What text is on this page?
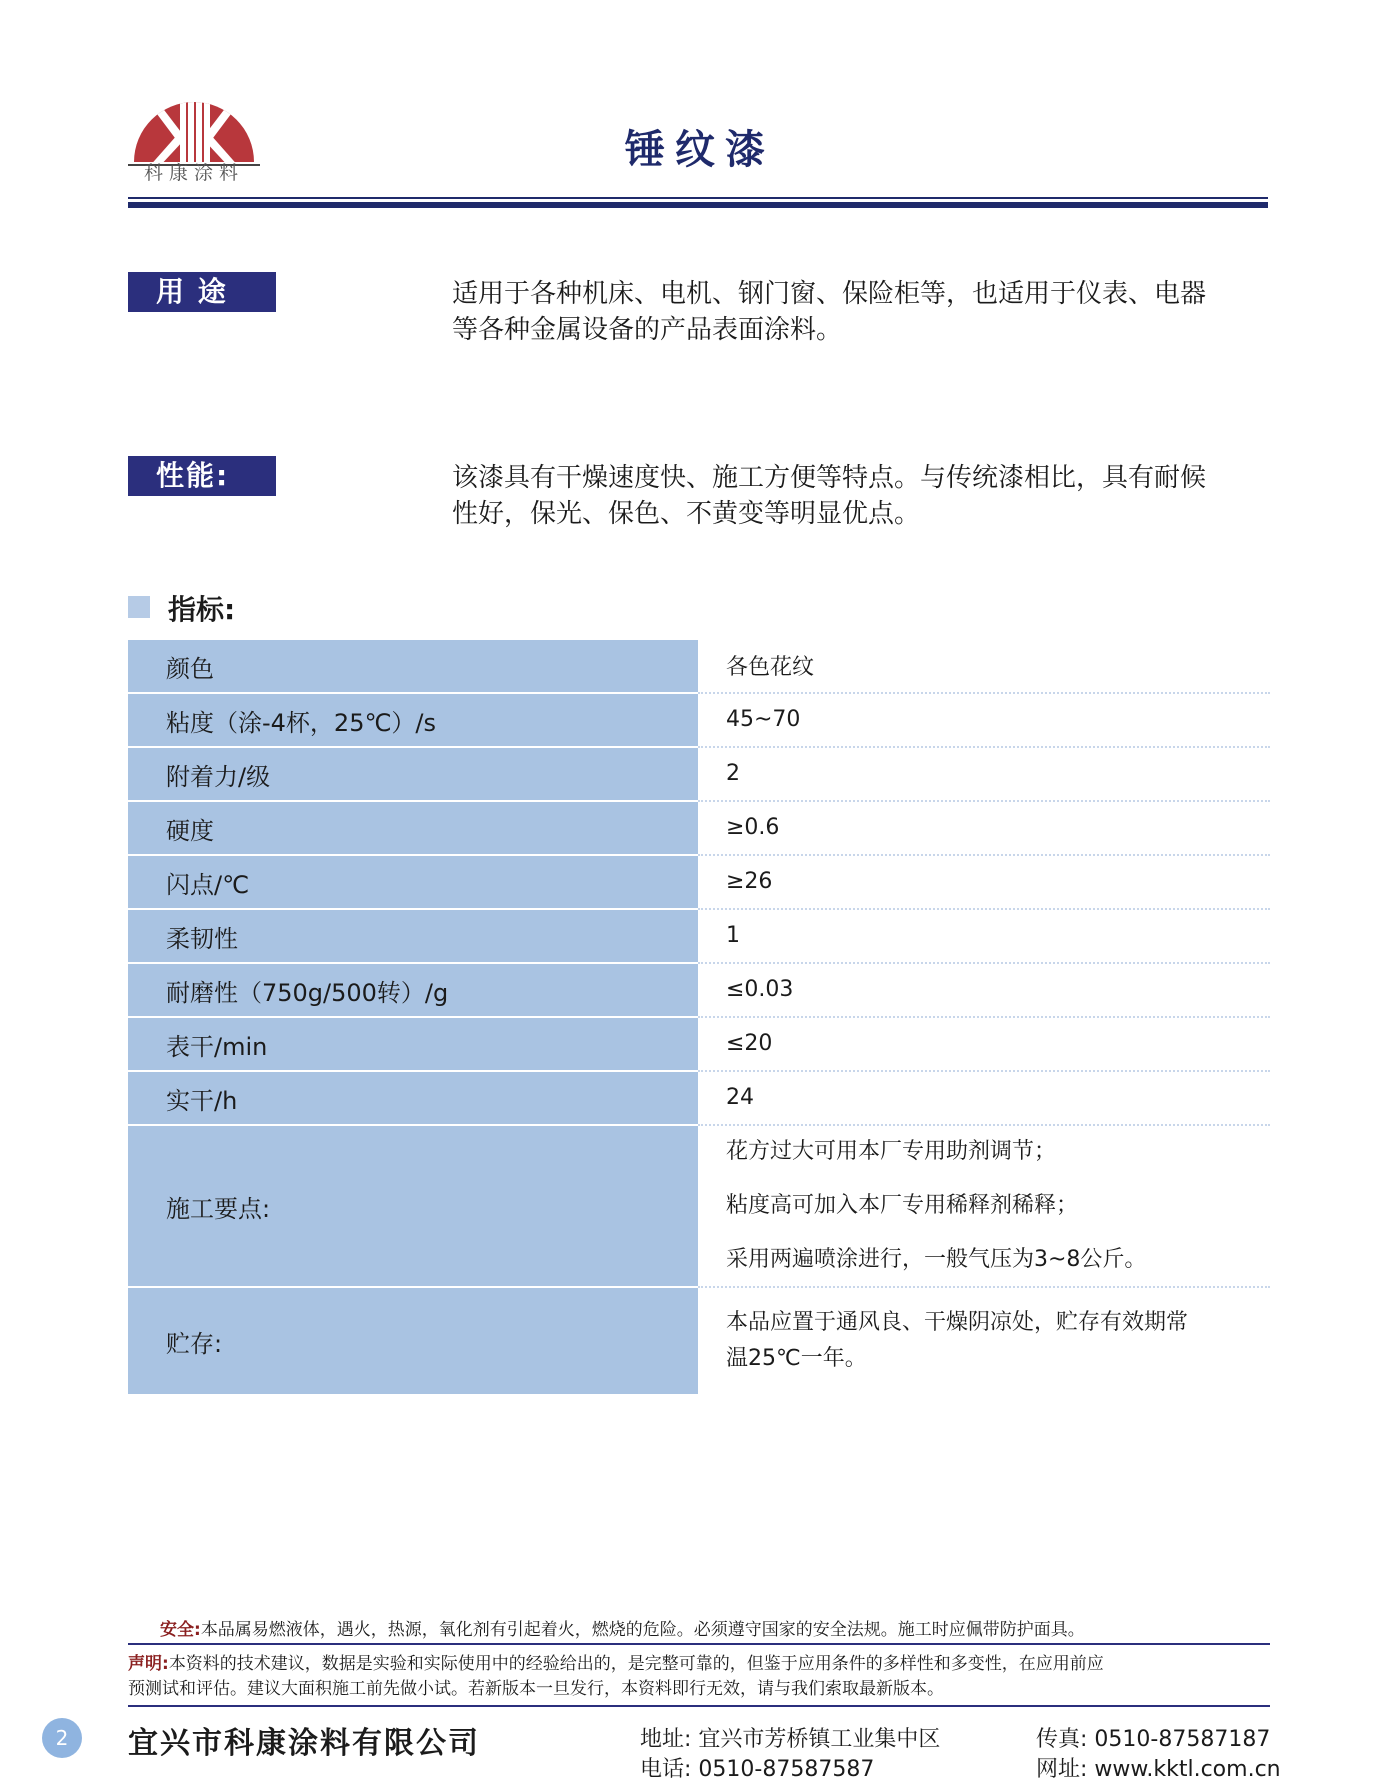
科康涂料	锤纹漆
用 途	适用于各种机床、电机、钢门窗、保险柜等，也适用于仪表、电器
等各种金属设备的产品表面涂料。
性能:	该漆具有干燥速度快、施工方便等特点。与传统漆相比，具有耐候
性好，保光、保色、不黄变等明显优点。
指标:
颜色	各色花纹
粘度（涂-4杯，25℃）/s	45~70
附着力/级	2
硬度	≥0.6
闪点/℃	≥26
柔韧性	1
耐磨性（750g/500转）/g	≤0.03
表干/min	≤20
实干/h	24
施工要点:
花方过大可用本厂专用助剂调节；
粘度高可加入本厂专用稀释剂稀释；
采用两遍喷涂进行，一般气压为3~8公斤。
贮存:
本品应置于通风良、干燥阴凉处，贮存有效期常
温25℃一年。
安全:本品属易燃液体，遇火，热源，氧化剂有引起着火，燃烧的危险。必须遵守国家的安全法规。施工时应佩带防护面具。
声明:本资料的技术建议，数据是实验和实际使用中的经验给出的，是完整可靠的，但鉴于应用条件的多样性和多变性，在应用前应
预测试和评估。建议大面积施工前先做小试。若新版本一旦发行，本资料即行无效，请与我们索取最新版本。
2	宜兴市科康涂料有限公司	地址: 宜兴市芳桥镇工业集中区
电话: 0510-87587587
传真: 0510-87587187
网址: www.kktl.com.cn
